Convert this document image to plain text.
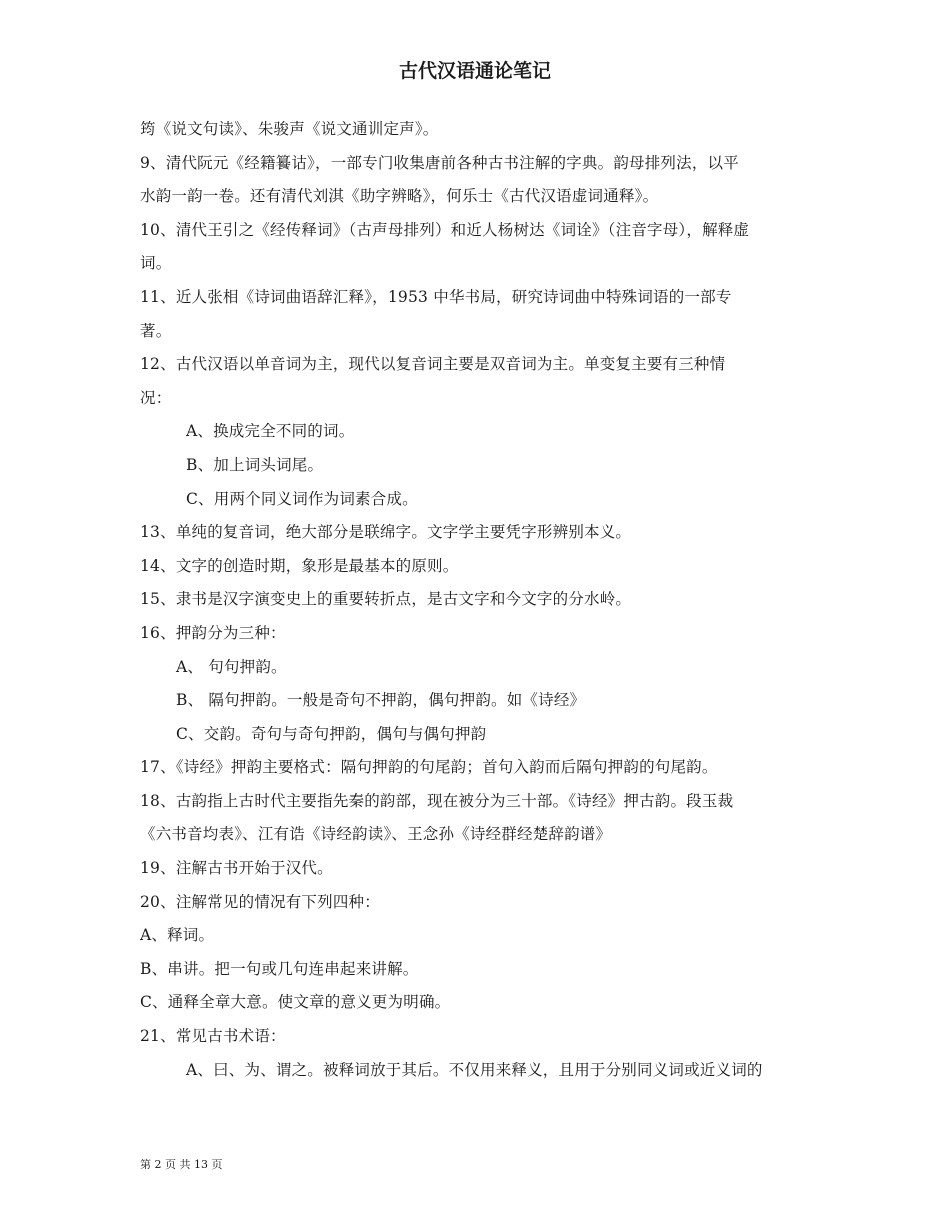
古代汉语通论笔记
筠《说文句读》、朱骏声《说文通训定声》。
9、清代阮元《经籍籑诂》，一部专门收集唐前各种古书注解的字典。韵母排列法，以平
水韵一韵一卷。还有清代刘淇《助字辨略》，何乐士《古代汉语虚词通释》。
10、清代王引之《经传释词》（古声母排列）和近人杨树达《词诠》（注音字母），解释虚
词。
11、近人张相《诗词曲语辞汇释》，1953 中华书局，研究诗词曲中特殊词语的一部专
著。
12、古代汉语以单音词为主，现代以复音词主要是双音词为主。单变复主要有三种情
况：
A、换成完全不同的词。
B、加上词头词尾。
C、用两个同义词作为词素合成。
13、单纯的复音词，绝大部分是联绵字。文字学主要凭字形辨别本义。
14、文字的创造时期，象形是最基本的原则。
15、隶书是汉字演变史上的重要转折点，是古文字和今文字的分水岭。
16、押韵分为三种：
A、 句句押韵。
B、 隔句押韵。一般是奇句不押韵，偶句押韵。如《诗经》
C、交韵。奇句与奇句押韵，偶句与偶句押韵
17、《诗经》押韵主要格式：隔句押韵的句尾韵；首句入韵而后隔句押韵的句尾韵。
18、古韵指上古时代主要指先秦的韵部，现在被分为三十部。《诗经》押古韵。段玉裁
《六书音均表》、江有诰《诗经韵读》、王念孙《诗经群经楚辞韵谱》
19、注解古书开始于汉代。
20、注解常见的情况有下列四种：
A、释词。
B、串讲。把一句或几句连串起来讲解。
C、通释全章大意。使文章的意义更为明确。
21、常见古书术语：
A、曰、为、谓之。被释词放于其后。不仅用来释义，且用于分别同义词或近义词的
第 2 页 共 13 页
